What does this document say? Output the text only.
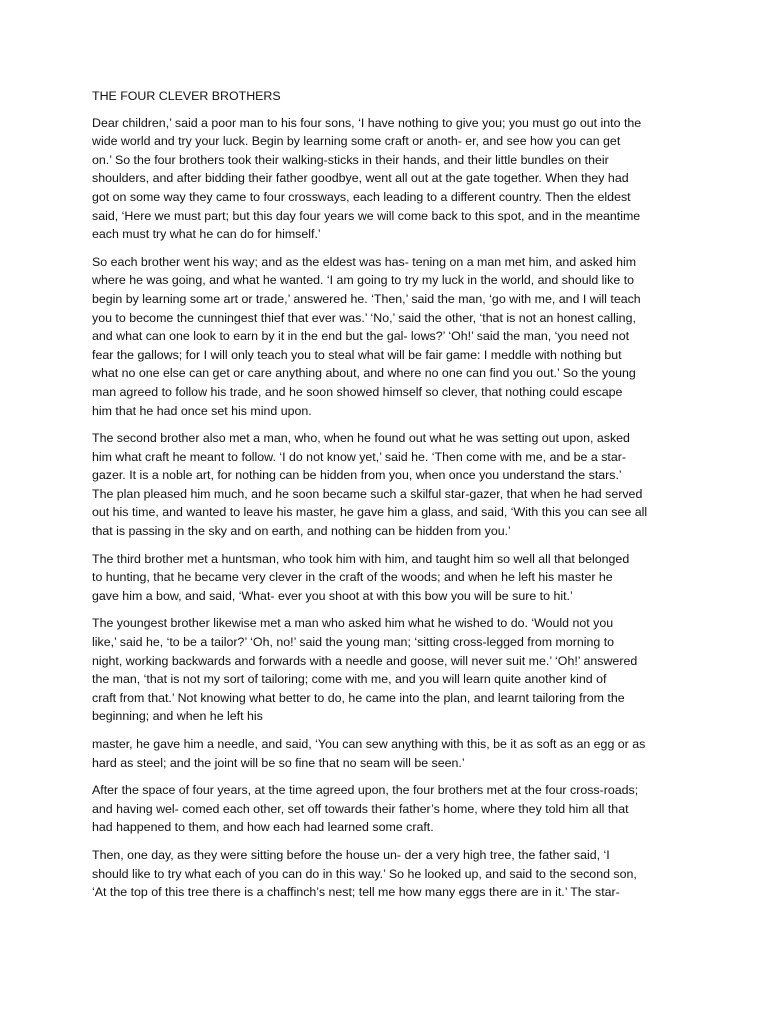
THE FOUR CLEVER BROTHERS
Dear children,’ said a poor man to his four sons, ‘I have nothing to give you; you must go out into the
wide world and try your luck. Begin by learning some craft or anoth- er, and see how you can get
on.’ So the four brothers took their walking-sticks in their hands, and their little bundles on their
shoulders, and after bidding their father goodbye, went all out at the gate together. When they had
got on some way they came to four crossways, each leading to a different country. Then the eldest
said, ‘Here we must part; but this day four years we will come back to this spot, and in the meantime
each must try what he can do for himself.’
So each brother went his way; and as the eldest was has- tening on a man met him, and asked him
where he was going, and what he wanted. ‘I am going to try my luck in the world, and should like to
begin by learning some art or trade,’ answered he. ‘Then,’ said the man, ‘go with me, and I will teach
you to become the cunningest thief that ever was.’ ‘No,’ said the other, ‘that is not an honest calling,
and what can one look to earn by it in the end but the gal- lows?’ ‘Oh!’ said the man, ‘you need not
fear the gallows; for I will only teach you to steal what will be fair game: I meddle with nothing but
what no one else can get or care anything about, and where no one can find you out.’ So the young
man agreed to follow his trade, and he soon showed himself so clever, that nothing could escape
him that he had once set his mind upon.
The second brother also met a man, who, when he found out what he was setting out upon, asked
him what craft he meant to follow. ‘I do not know yet,’ said he. ‘Then come with me, and be a star-
gazer. It is a noble art, for nothing can be hidden from you, when once you understand the stars.’
The plan pleased him much, and he soon became such a skilful star-gazer, that when he had served
out his time, and wanted to leave his master, he gave him a glass, and said, ‘With this you can see all
that is passing in the sky and on earth, and nothing can be hidden from you.’
The third brother met a huntsman, who took him with him, and taught him so well all that belonged
to hunting, that he became very clever in the craft of the woods; and when he left his master he
gave him a bow, and said, ‘What- ever you shoot at with this bow you will be sure to hit.’
The youngest brother likewise met a man who asked him what he wished to do. ‘Would not you
like,’ said he, ‘to be a tailor?’ ‘Oh, no!’ said the young man; ‘sitting cross-legged from morning to
night, working backwards and forwards with a needle and goose, will never suit me.’ ‘Oh!’ answered
the man, ‘that is not my sort of tailoring; come with me, and you will learn quite another kind of
craft from that.’ Not knowing what better to do, he came into the plan, and learnt tailoring from the
beginning; and when he left his
master, he gave him a needle, and said, ‘You can sew anything with this, be it as soft as an egg or as
hard as steel; and the joint will be so fine that no seam will be seen.’
After the space of four years, at the time agreed upon, the four brothers met at the four cross-roads;
and having wel- comed each other, set off towards their father’s home, where they told him all that
had happened to them, and how each had learned some craft.
Then, one day, as they were sitting before the house un- der a very high tree, the father said, ‘I
should like to try what each of you can do in this way.’ So he looked up, and said to the second son,
‘At the top of this tree there is a chaffinch’s nest; tell me how many eggs there are in it.’ The star-
